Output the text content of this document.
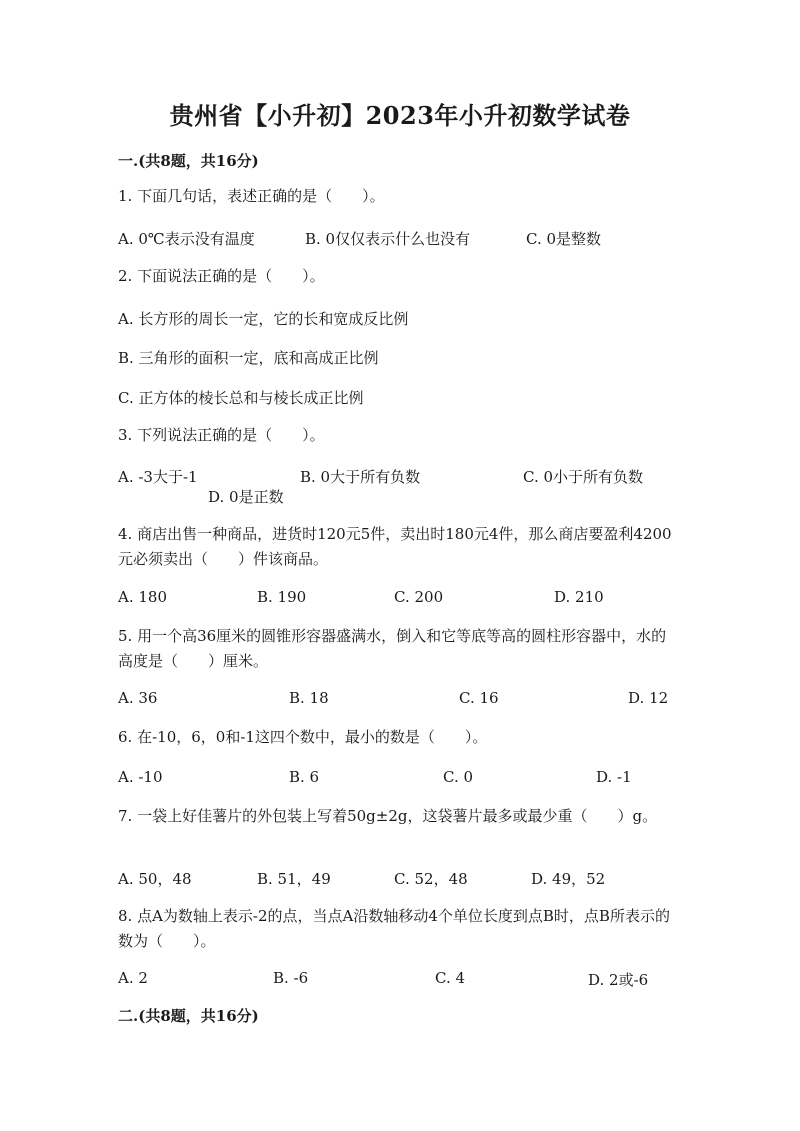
贵州省【小升初】2023年小升初数学试卷
一.(共8题，共16分)
1. 下面几句话，表述正确的是（　　）。
A. 0℃表示没有温度	B. 0仅仅表示什么也没有	C. 0是整数
2. 下面说法正确的是（　　）。
A. 长方形的周长一定，它的长和宽成反比例
B. 三角形的面积一定，底和高成正比例
C. 正方体的棱长总和与棱长成正比例
3. 下列说法正确的是（　　）。
A. -3大于-1	B. 0大于所有负数	C. 0小于所有负数
D. 0是正数
4. 商店出售一种商品，进货时120元5件，卖出时180元4件，那么商店要盈利4200元必须卖出（　　）件该商品。
A. 180	B. 190	C. 200	D. 210
5. 用一个高36厘米的圆锥形容器盛满水，倒入和它等底等高的圆柱形容器中，水的高度是（　　）厘米。
A. 36	B. 18	C. 16	D. 12
6. 在-10，6，0和-1这四个数中，最小的数是（　　）。
A. -10	B. 6	C. 0	D. -1
7. 一袋上好佳薯片的外包装上写着50g±2g，这袋薯片最多或最少重（　　）g。
A. 50，48	B. 51，49	C. 52，48	D. 49，52
8. 点A为数轴上表示-2的点，当点A沿数轴移动4个单位长度到点B时，点B所表示的数为（　　）。
A. 2	B. -6	C. 4	D. 2或-6
二.(共8题，共16分)
